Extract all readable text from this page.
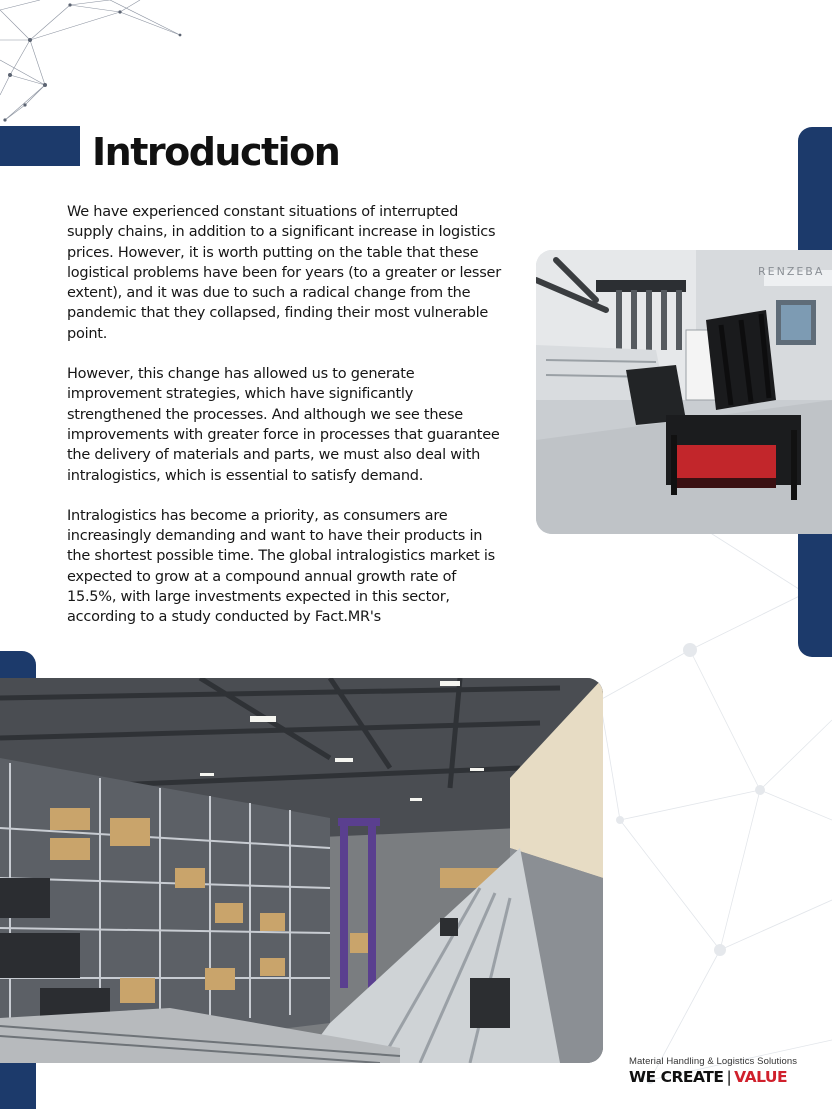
Introduction

We have experienced constant situations of interrupted supply chains, in addition to a significant increase in logistics prices. However, it is worth putting on the table that these logistical problems have been for years (to a greater or lesser extent), and it was due to such a radical change from the pandemic that they collapsed, finding their most vulnerable point.

However, this change has allowed us to generate improvement strategies, which have significantly strengthened the processes. And although we see these improvements with greater force in processes that guarantee the delivery of materials and parts, we must also deal with intralogistics, which is essential to satisfy demand.

Intralogistics has become a priority, as consumers are increasingly demanding and want to have their products in the shortest possible time. The global intralogistics market is expected to grow at a compound annual growth rate of 15.5%, with large investments expected in this sector, according to a study conducted by Fact.MR's

RENZEBA
Material Handling & Logistics Solutions
WE CREATE | VALUE
